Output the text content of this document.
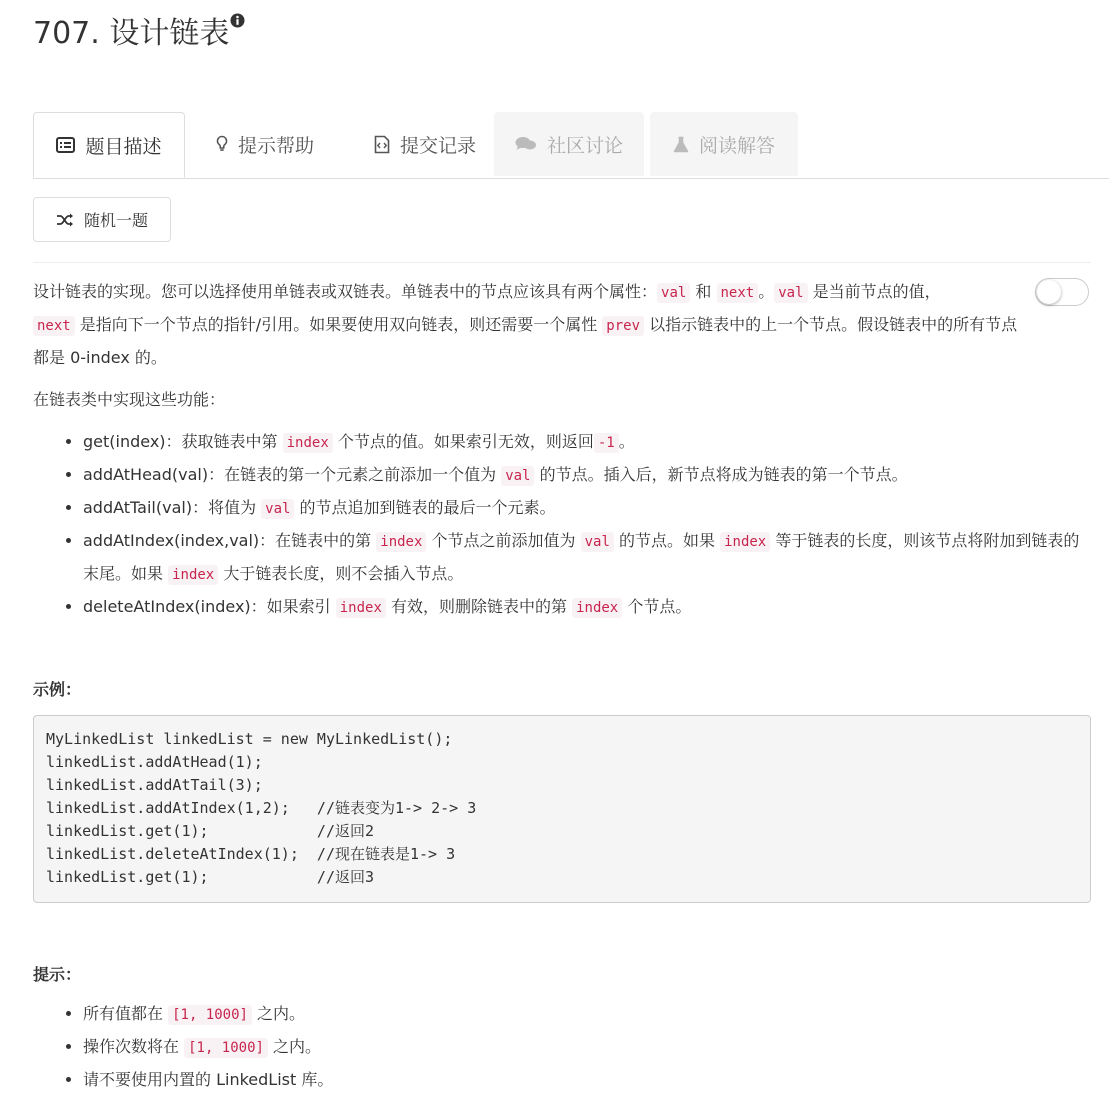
707. 设计链表
题目描述	提示帮助	提交记录	社区讨论	阅读解答
随机一题

设计链表的实现。您可以选择使用单链表或双链表。单链表中的节点应该具有两个属性： val 和 next 。 val 是当前节点的值，
next 是指向下一个节点的指针/引用。如果要使用双向链表，则还需要一个属性 prev 以指示链表中的上一个节点。假设链表中的所有节点都是 0-index 的。

在链表类中实现这些功能：

• get(index)：获取链表中第 index 个节点的值。如果索引无效，则返回 -1 。
• addAtHead(val)：在链表的第一个元素之前添加一个值为 val 的节点。插入后，新节点将成为链表的第一个节点。
• addAtTail(val)：将值为 val 的节点追加到链表的最后一个元素。
• addAtIndex(index,val)：在链表中的第 index 个节点之前添加值为 val 的节点。如果 index 等于链表的长度，则该节点将附加到链表的末尾。如果 index 大于链表长度，则不会插入节点。
• deleteAtIndex(index)：如果索引 index 有效，则删除链表中的第 index 个节点。
示例：
MyLinkedList linkedList = new MyLinkedList();
linkedList.addAtHead(1);
linkedList.addAtTail(3);
linkedList.addAtIndex(1,2);   //链表变为1-> 2-> 3
linkedList.get(1);            //返回2
linkedList.deleteAtIndex(1);  //现在链表是1-> 3
linkedList.get(1);            //返回3
提示：
• 所有值都在 [1, 1000] 之内。
• 操作次数将在 [1, 1000] 之内。
• 请不要使用内置的 LinkedList 库。
